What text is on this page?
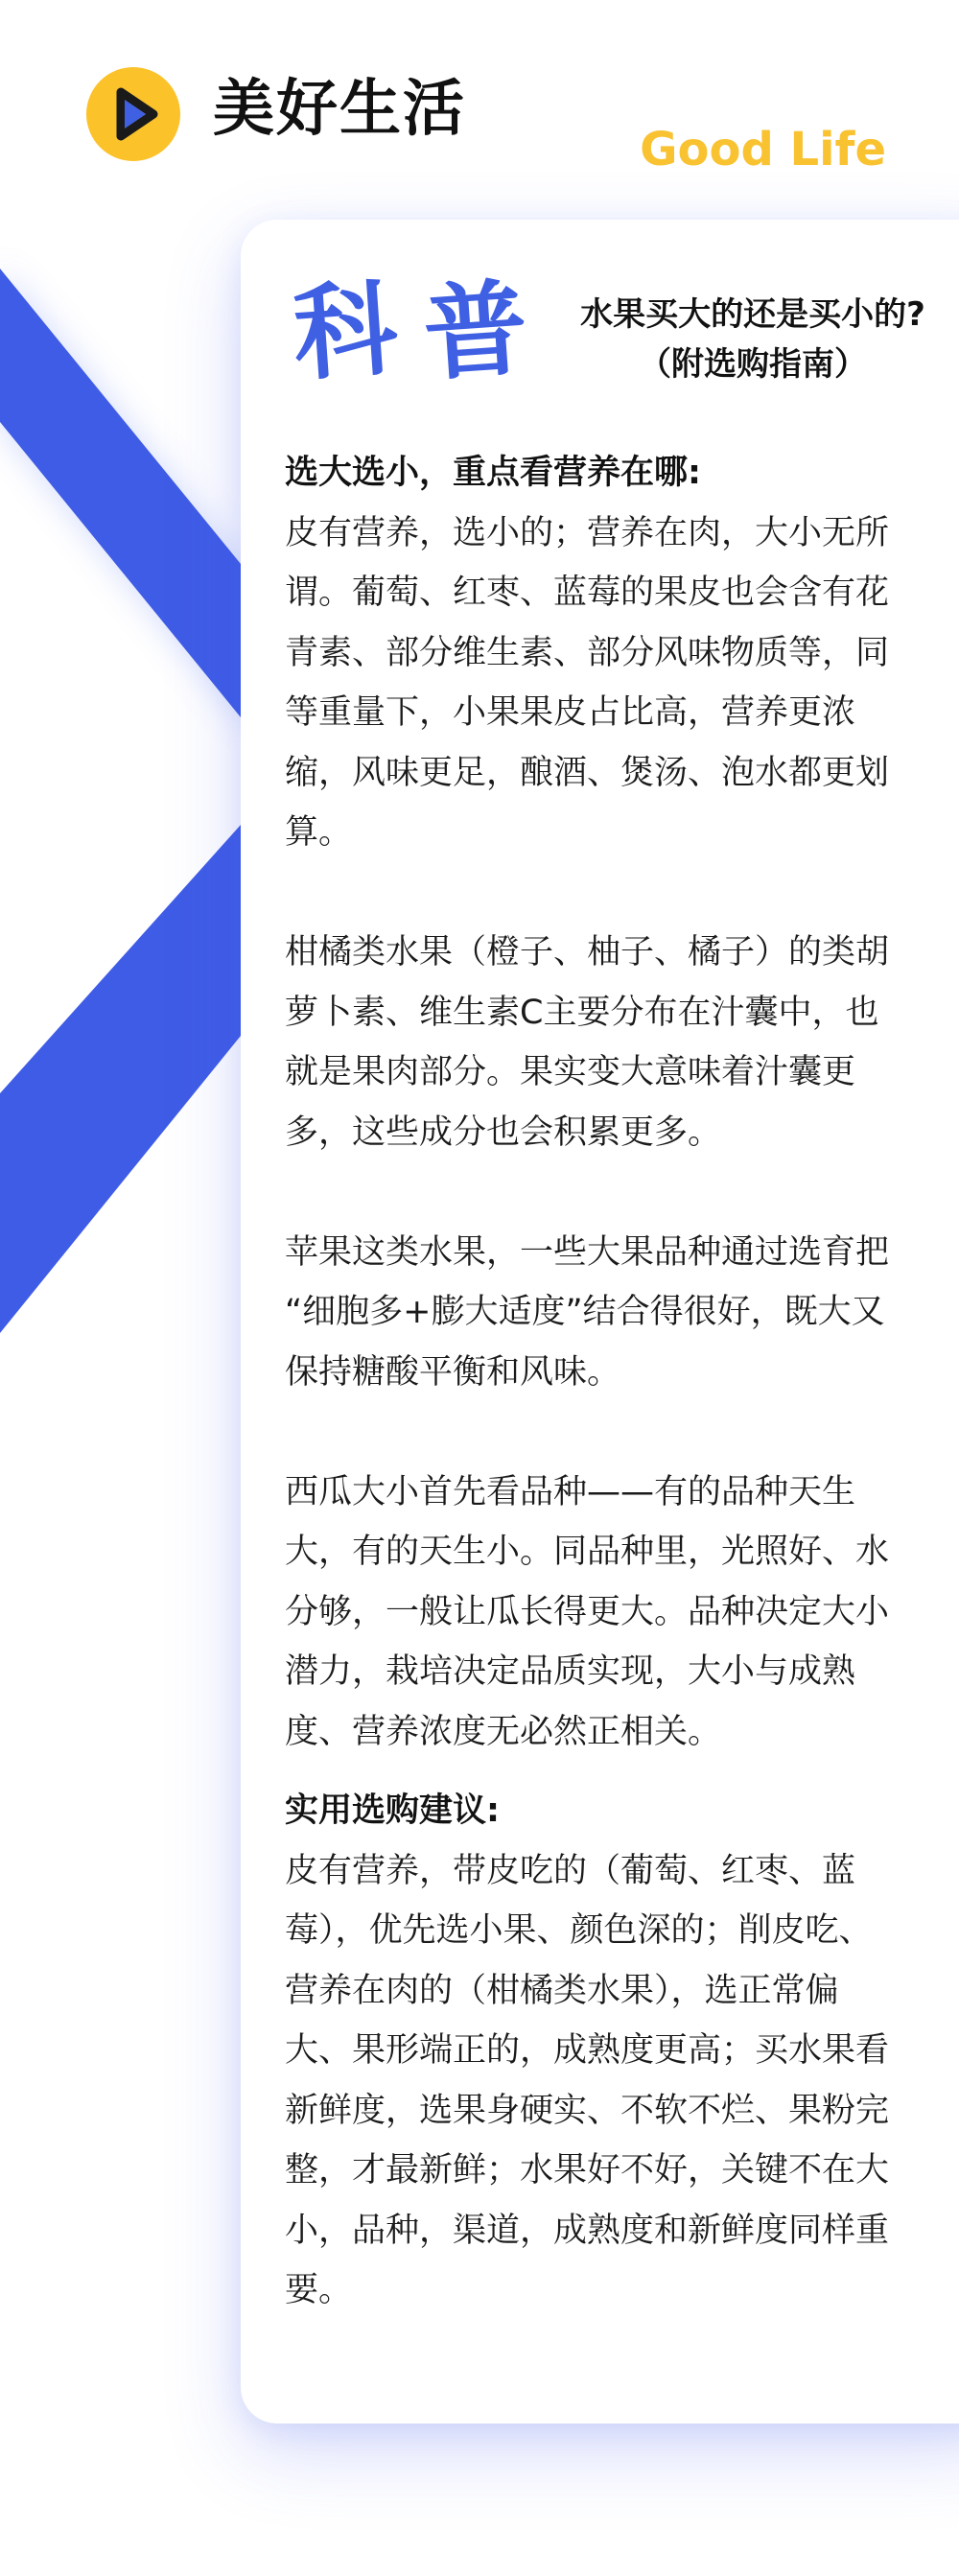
美好生活
Good Life
科 普	水果买大的还是买小的?
（附选购指南）
选大选小，重点看营养在哪:

皮有营养，选小的；营养在肉，大小无所
谓。葡萄、红枣、蓝莓的果皮也会含有花
青素、部分维生素、部分风味物质等，同
等重量下，小果果皮占比高，营养更浓
缩，风味更足，酿酒、煲汤、泡水都更划
算。

柑橘类水果（橙子、柚子、橘子）的类胡
萝卜素、维生素C主要分布在汁囊中，也
就是果肉部分。果实变大意味着汁囊更
多，这些成分也会积累更多。

苹果这类水果，一些大果品种通过选育把
“细胞多+膨大适度”结合得很好，既大又
保持糖酸平衡和风味。

西瓜大小首先看品种——有的品种天生
大，有的天生小。同品种里，光照好、水
分够，一般让瓜长得更大。品种决定大小
潜力，栽培决定品质实现，大小与成熟
度、营养浓度无必然正相关。

实用选购建议:

皮有营养，带皮吃的（葡萄、红枣、蓝
莓），优先选小果、颜色深的；削皮吃、
营养在肉的（柑橘类水果），选正常偏
大、果形端正的，成熟度更高；买水果看
新鲜度，选果身硬实、不软不烂、果粉完
整，才最新鲜；水果好不好，关键不在大
小，品种，渠道，成熟度和新鲜度同样重
要。
